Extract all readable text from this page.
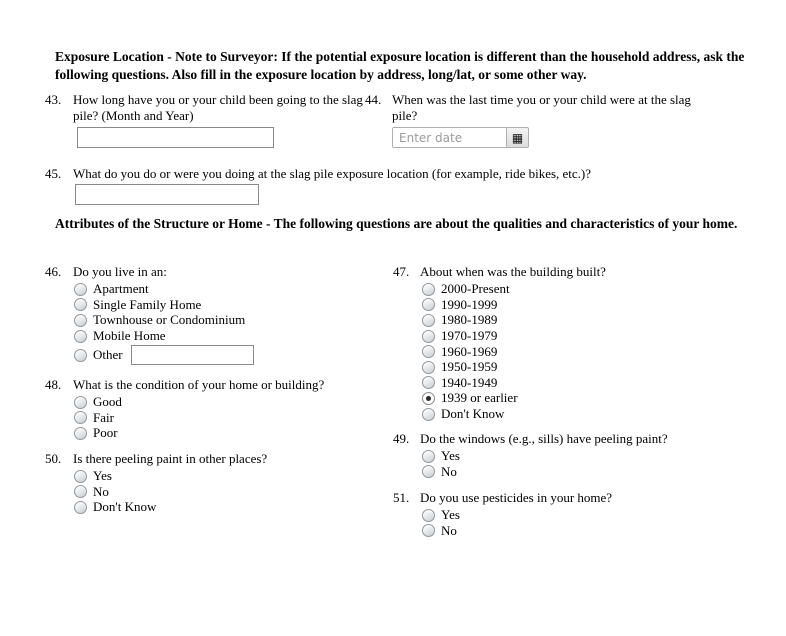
Exposure Location - Note to Surveyor: If the potential exposure location is different than the household address, ask the following questions. Also fill in the exposure location by address, long/lat, or some other way.
43. How long have you or your child been going to the slag pile? (Month and Year)
44. When was the last time you or your child were at the slag pile?
Enter date
▦
45. What do you do or were you doing at the slag pile exposure location (for example, ride bikes, etc.)?
Attributes of the Structure or Home - The following questions are about the qualities and characteristics of your home.
46. Do you live in an:
Apartment
Single Family Home
Townhouse or Condominium
Mobile Home
Other
47. About when was the building built?
2000-Present
1990-1999
1980-1989
1970-1979
1960-1969
1950-1959
1940-1949
1939 or earlier
Don't Know
48. What is the condition of your home or building?
Good
Fair
Poor	49. Do the windows (e.g., sills) have peeling paint?
Yes
No
50. Is there peeling paint in other places?
Yes
No
Don't Know
51. Do you use pesticides in your home?
Yes
No
